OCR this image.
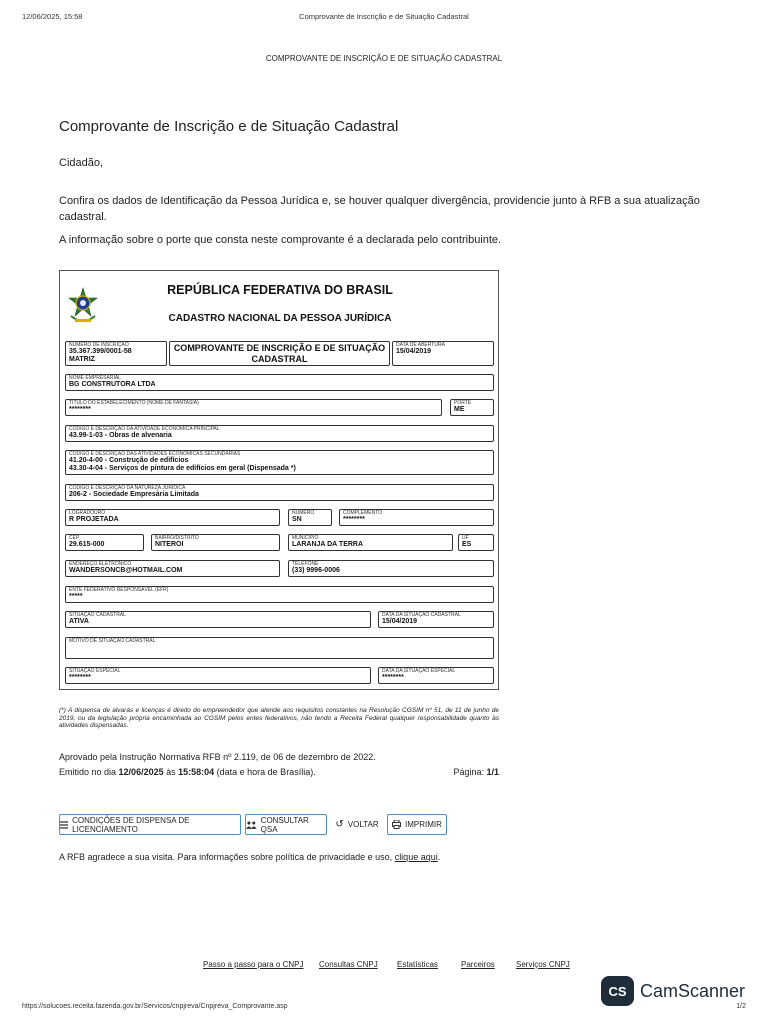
12/06/2025, 15:58	Comprovante de Inscrição e de Situação Cadastral
COMPROVANTE DE INSCRIÇÃO E DE SITUAÇÃO CADASTRAL
Comprovante de Inscrição e de Situação Cadastral
Cidadão,
Confira os dados de Identificação da Pessoa Jurídica e, se houver qualquer divergência, providencie junto à RFB a sua atualização cadastral.
A informação sobre o porte que consta neste comprovante é a declarada pelo contribuinte.
REPÚBLICA FEDERATIVA DO BRASIL
CADASTRO NACIONAL DA PESSOA JURÍDICA
NÚMERO DE INSCRIÇÃO
35.367.399/0001-58
MATRIZ
COMPROVANTE DE INSCRIÇÃO E DE SITUAÇÃO CADASTRAL
DATA DE ABERTURA
15/04/2019
NOME EMPRESARIAL
BG CONSTRUTORA LTDA
TÍTULO DO ESTABELECIMENTO (NOME DE FANTASIA)
********
PORTE
ME
CÓDIGO E DESCRIÇÃO DA ATIVIDADE ECONÔMICA PRINCIPAL
43.99-1-03 - Obras de alvenaria
CÓDIGO E DESCRIÇÃO DAS ATIVIDADES ECONÔMICAS SECUNDÁRIAS
41.20-4-00 - Construção de edifícios
43.30-4-04 - Serviços de pintura de edifícios em geral (Dispensada *)
CÓDIGO E DESCRIÇÃO DA NATUREZA JURÍDICA
206-2 - Sociedade Empresária Limitada
LOGRADOURO
R PROJETADA
NÚMERO
SN
COMPLEMENTO
********
CEP
29.615-000
BAIRRO/DISTRITO
NITEROI
MUNICÍPIO
LARANJA DA TERRA
UF
ES
ENDEREÇO ELETRÔNICO
WANDERSONCB@HOTMAIL.COM
TELEFONE
(33) 9996-0006
ENTE FEDERATIVO RESPONSÁVEL (EFR)
*****
SITUAÇÃO CADASTRAL
ATIVA
DATA DA SITUAÇÃO CADASTRAL
15/04/2019
MOTIVO DE SITUAÇÃO CADASTRAL
SITUAÇÃO ESPECIAL
********
DATA DA SITUAÇÃO ESPECIAL
********
(*) A dispensa de alvarás e licenças é direito do empreendedor que atende aos requisitos constantes na Resolução CGSIM nº 51, de 11 de junho de 2019, ou da legislação própria encaminhada ao CGSIM pelos entes federativos, não tendo a Receita Federal qualquer responsabilidade quanto às atividades dispensadas.
Aprovado pela Instrução Normativa RFB nº 2.119, de 06 de dezembro de 2022.
Emitido no dia 12/06/2025 às 15:58:04 (data e hora de Brasília).	Página: 1/1
CONDIÇÕES DE DISPENSA DE LICENCIAMENTO
CONSULTAR QSA	↺ VOLTAR	IMPRIMIR
A RFB agradece a sua visita. Para informações sobre política de privacidade e uso, clique aqui.
Passo a passo para o CNPJ Consultas CNPJ Estatísticas	Parceiros	Serviços CNPJ
CS CamScanner
https://solucoes.receita.fazenda.gov.br/Servicos/cnpjreva/Cnpjreva_Comprovante.asp	1/2
